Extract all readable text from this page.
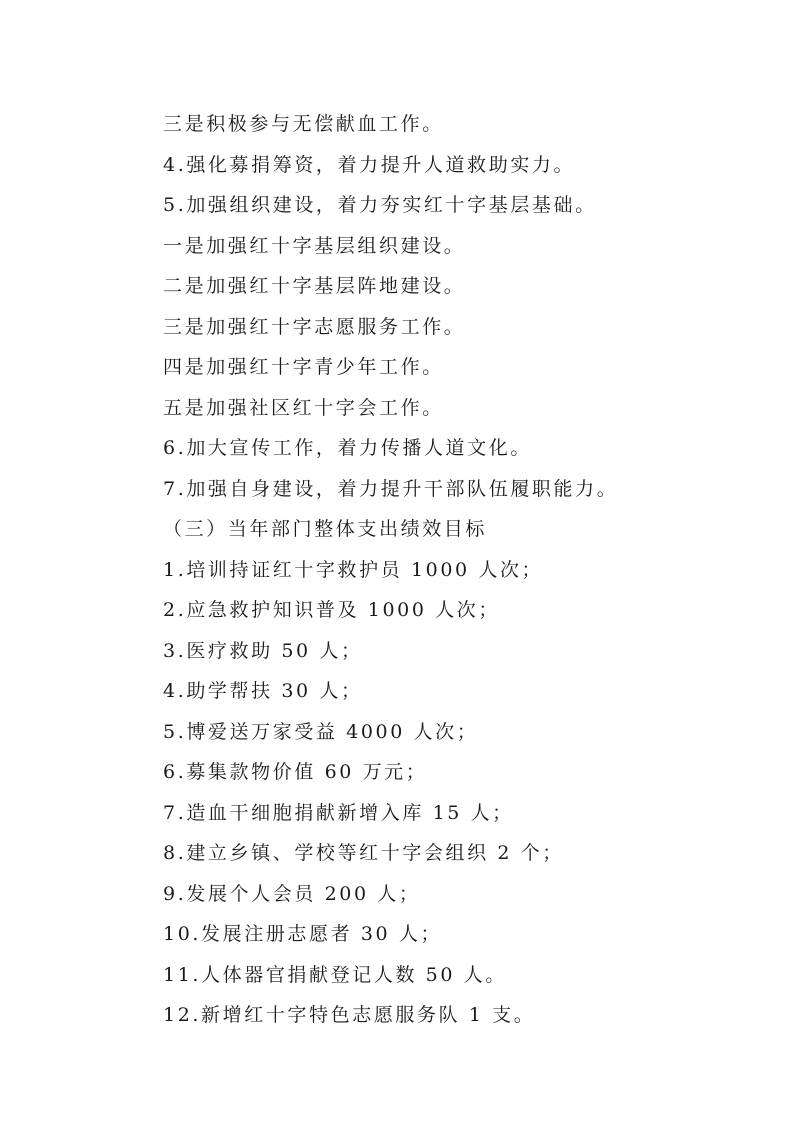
三是积极参与无偿献血工作。
4.强化募捐筹资，着力提升人道救助实力。
5.加强组织建设，着力夯实红十字基层基础。
一是加强红十字基层组织建设。
二是加强红十字基层阵地建设。
三是加强红十字志愿服务工作。
四是加强红十字青少年工作。
五是加强社区红十字会工作。
6.加大宣传工作，着力传播人道文化。
7.加强自身建设，着力提升干部队伍履职能力。
（三）当年部门整体支出绩效目标
1.培训持证红十字救护员 1000 人次；
2.应急救护知识普及 1000 人次；
3.医疗救助 50 人；
4.助学帮扶 30 人；
5.博爱送万家受益 4000 人次；
6.募集款物价值 60 万元；
7.造血干细胞捐献新增入库 15 人；
8.建立乡镇、学校等红十字会组织 2 个；
9.发展个人会员 200 人；
10.发展注册志愿者 30 人；
11.人体器官捐献登记人数 50 人。
12.新增红十字特色志愿服务队 1 支。
